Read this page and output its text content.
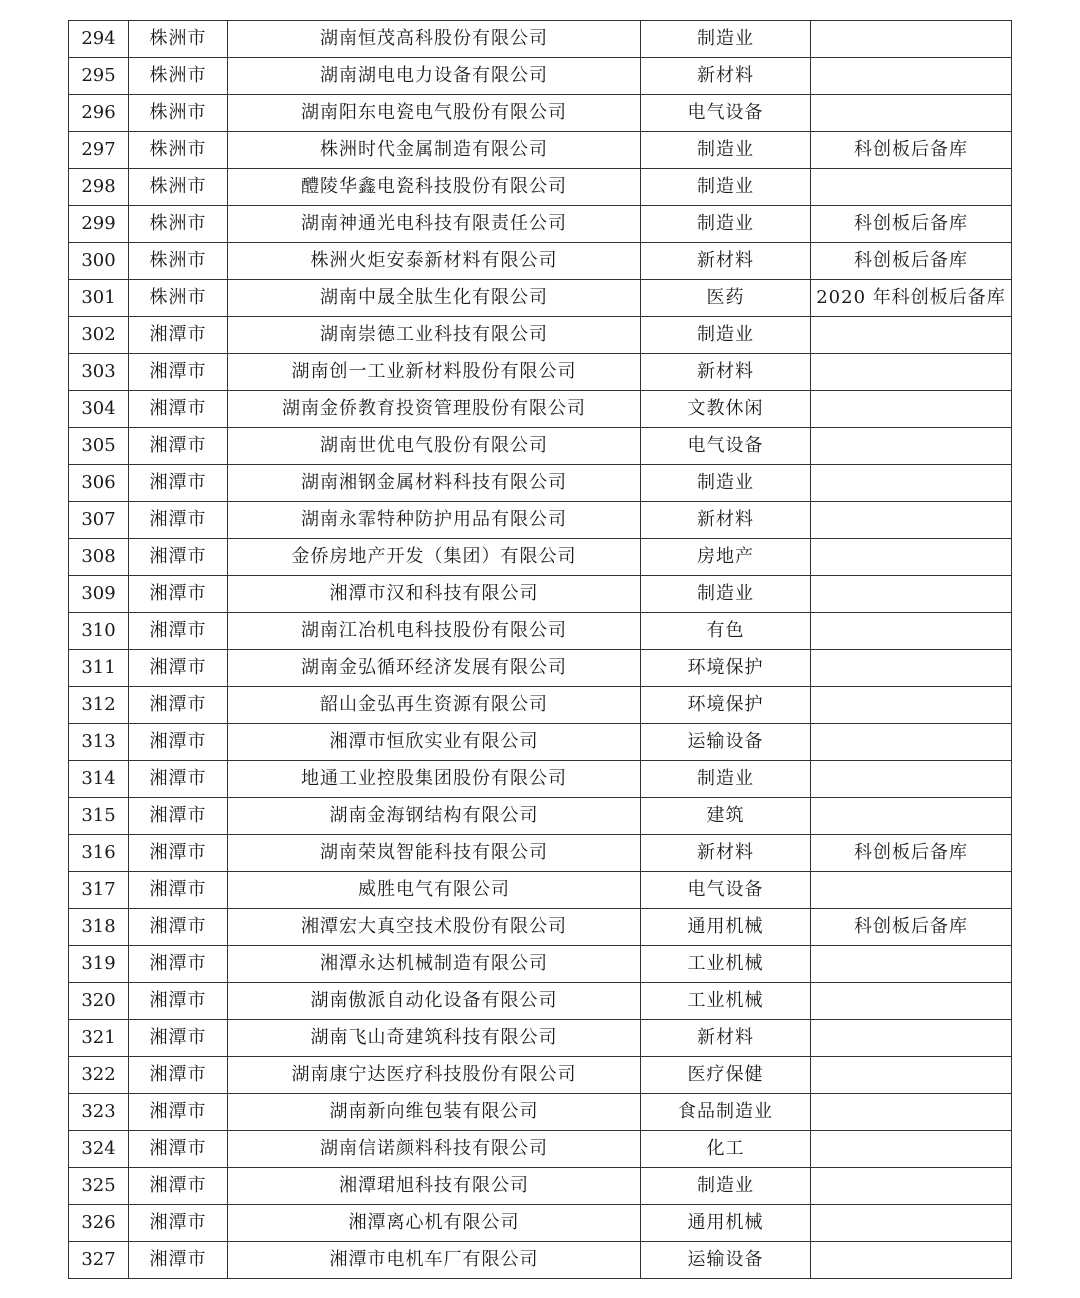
294	株洲市	湖南恒茂高科股份有限公司	制造业	
295	株洲市	湖南湖电电力设备有限公司	新材料	
296	株洲市	湖南阳东电瓷电气股份有限公司	电气设备	
297	株洲市	株洲时代金属制造有限公司	制造业	科创板后备库
298	株洲市	醴陵华鑫电瓷科技股份有限公司	制造业	
299	株洲市	湖南神通光电科技有限责任公司	制造业	科创板后备库
300	株洲市	株洲火炬安泰新材料有限公司	新材料	科创板后备库
301	株洲市	湖南中晟全肽生化有限公司	医药	2020 年科创板后备库
302	湘潭市	湖南崇德工业科技有限公司	制造业	
303	湘潭市	湖南创一工业新材料股份有限公司	新材料	
304	湘潭市	湖南金侨教育投资管理股份有限公司	文教休闲	
305	湘潭市	湖南世优电气股份有限公司	电气设备	
306	湘潭市	湖南湘钢金属材料科技有限公司	制造业	
307	湘潭市	湖南永霏特种防护用品有限公司	新材料	
308	湘潭市	金侨房地产开发（集团）有限公司	房地产	
309	湘潭市	湘潭市汉和科技有限公司	制造业	
310	湘潭市	湖南江冶机电科技股份有限公司	有色	
311	湘潭市	湖南金弘循环经济发展有限公司	环境保护	
312	湘潭市	韶山金弘再生资源有限公司	环境保护	
313	湘潭市	湘潭市恒欣实业有限公司	运输设备	
314	湘潭市	地通工业控股集团股份有限公司	制造业	
315	湘潭市	湖南金海钢结构有限公司	建筑	
316	湘潭市	湖南荣岚智能科技有限公司	新材料	科创板后备库
317	湘潭市	威胜电气有限公司	电气设备	
318	湘潭市	湘潭宏大真空技术股份有限公司	通用机械	科创板后备库
319	湘潭市	湘潭永达机械制造有限公司	工业机械	
320	湘潭市	湖南傲派自动化设备有限公司	工业机械	
321	湘潭市	湖南飞山奇建筑科技有限公司	新材料	
322	湘潭市	湖南康宁达医疗科技股份有限公司	医疗保健	
323	湘潭市	湖南新向维包装有限公司	食品制造业	
324	湘潭市	湖南信诺颜料科技有限公司	化工	
325	湘潭市	湘潭珺旭科技有限公司	制造业	
326	湘潭市	湘潭离心机有限公司	通用机械	
327	湘潭市	湘潭市电机车厂有限公司	运输设备	
